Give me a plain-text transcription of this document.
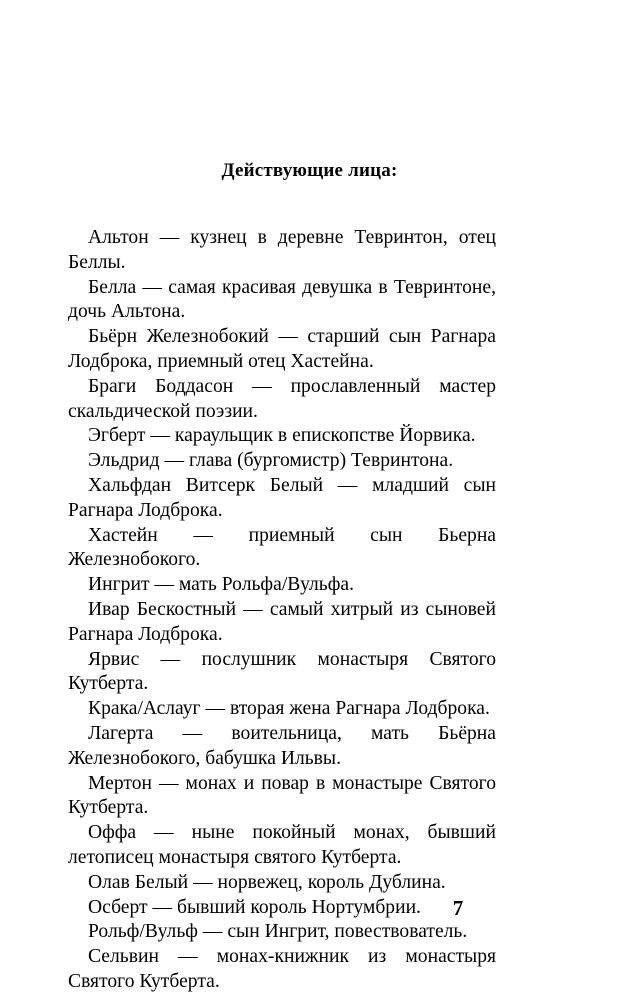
Действующие лица:
Альтон — кузнец в деревне Тевринтон, отец Беллы.
Белла — самая красивая девушка в Тевринтоне, дочь Альтона.
Бьёрн Железнобокий — старший сын Рагнара Лодброка, приемный отец Хастейна.
Браги Боддасон — прославленный мастер скальдической поэзии.
Эгберт — караульщик в епископстве Йорвика.
Эльдрид — глава (бургомистр) Тевринтона.
Хальфдан Витсерк Белый — младший сын Рагнара Лодброка.
Хастейн — приемный сын Бьерна Железнобокого.
Ингрит — мать Рольфа/Вульфа.
Ивар Бескостный — самый хитрый из сыновей Рагнара Лодброка.
Ярвис — послушник монастыря Святого Кутберта.
Крака/Аслауг — вторая жена Рагнара Лодброка.
Лагерта — воительница, мать Бьёрна Железнобокого, бабушка Ильвы.
Мертон — монах и повар в монастыре Святого Кутберта.
Оффа — ныне покойный монах, бывший летописец монастыря святого Кутберта.
Олав Белый — норвежец, король Дублина.
Осберт — бывший король Нортумбрии.
Рольф/Вульф — сын Ингрит, повествователь.
Сельвин — монах-книжник из монастыря Святого Кутберта.
7
